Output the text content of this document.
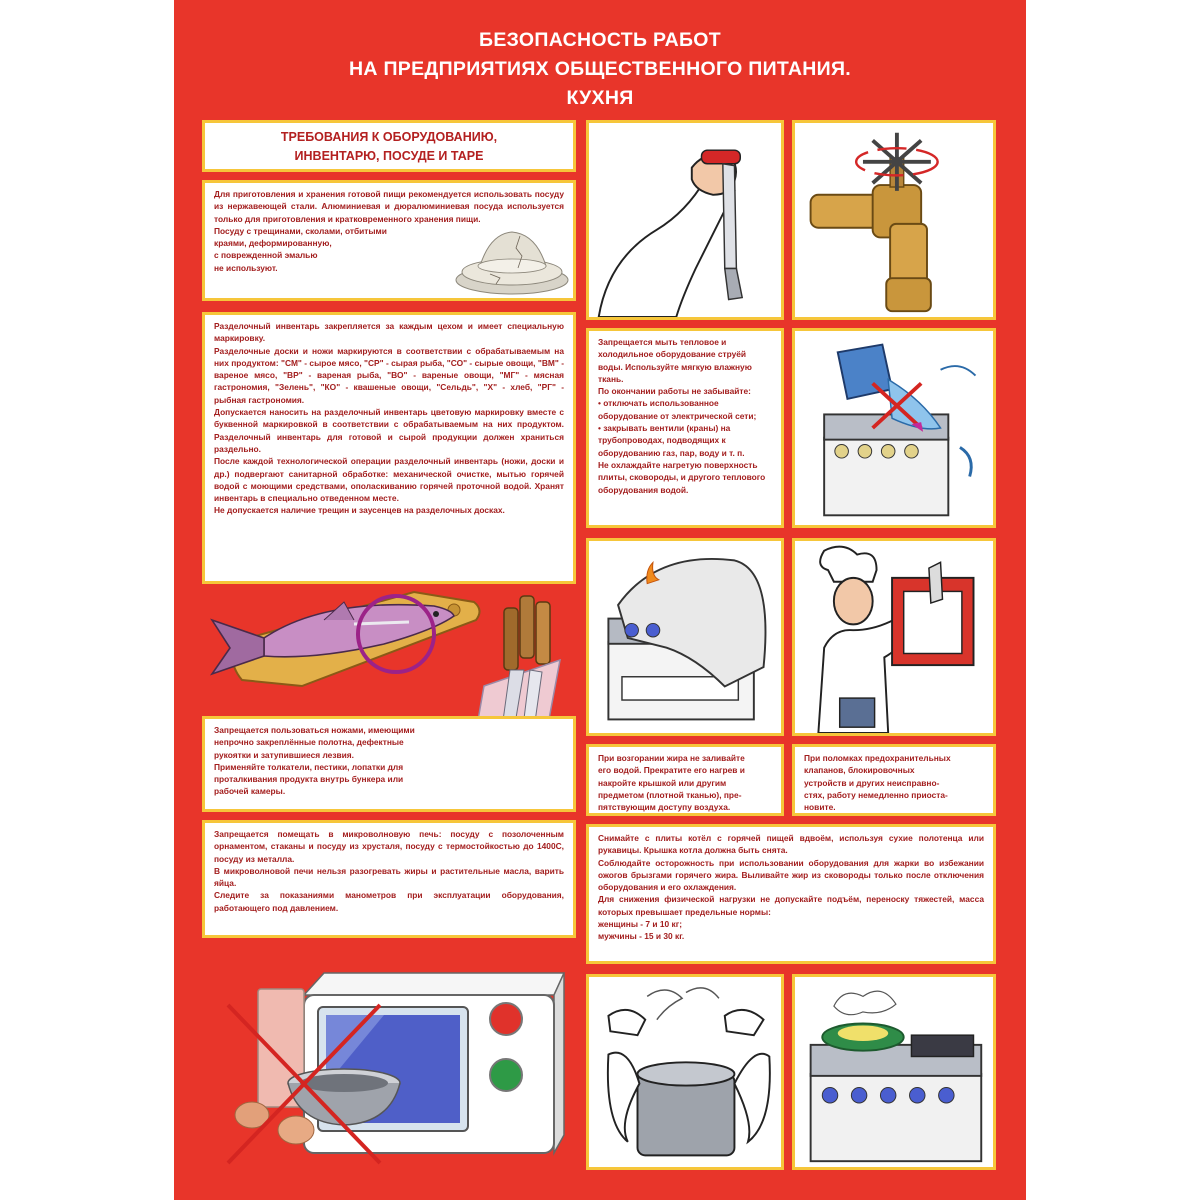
БЕЗОПАСНОСТЬ РАБОТ
НА ПРЕДПРИЯТИЯХ ОБЩЕСТВЕННОГО ПИТАНИЯ.
КУХНЯ
ТРЕБОВАНИЯ К ОБОРУДОВАНИЮ,
ИНВЕНТАРЮ, ПОСУДЕ И ТАРЕ

Для приготовления и хранения готовой пищи рекомендуется использовать посуду из нержавеющей стали. Алюминиевая и дюралюминиевая посуда используется только для приготовления и кратковременного хранения пищи.

Посуду с трещинами, сколами, отбитыми

краями, деформированную,

с поврежденной эмалью

не используют.

Разделочный инвентарь закрепляется за каждым цехом и имеет специальную маркировку.

Разделочные доски и ножи маркируются в соответствии с обрабатываемым на них продуктом: "СМ" - сырое мясо, "СР" - сырая рыба, "СО" - сырые овощи, "ВМ" - вареное мясо, "ВР" - вареная рыба, "ВО" - вареные овощи, "МГ" - мясная гастрономия, "Зелень", "КО" - квашеные овощи, "Сельдь", "Х" - хлеб, "РГ" - рыбная гастрономия.

Допускается наносить на разделочный инвентарь цветовую маркировку вместе с буквенной маркировкой в соответствии с обрабатываемым на них продуктом. Разделочный инвентарь для готовой и сырой продукции должен храниться раздельно.

После каждой технологической операции разделочный инвентарь (ножи, доски и др.) подвергают санитарной обработке: механической очистке, мытью горячей водой с моющими средствами, ополаскиванию горячей проточной водой. Хранят инвентарь в специально отведенном месте.

Не допускается наличие трещин и заусенцев на разделочных досках.

Запрещается пользоваться ножами, имеющими

непрочно закреплённые полотна, дефектные

рукоятки и затупившиеся лезвия.

Применяйте толкатели, пестики, лопатки для

проталкивания продукта внутрь бункера или

рабочей камеры.

Запрещается помещать в микроволновую печь: посуду с позолоченным орнаментом, стаканы и посуду из хрусталя, посуду с термостойкостью до 1400С, посуду из металла.

В микроволновой печи нельзя разогревать жиры и растительные масла, варить яйца.

Следите за показаниями манометров при эксплуатации оборудования, работающего под давлением.

Запрещается мыть тепловое и холодильное оборудование струёй воды. Используйте мягкую влажную ткань.

По окончании работы не забывайте:

• отключать использованное оборудование от электрической сети;

• закрывать вентили (краны) на трубопроводах, подводящих к оборудованию газ, пар, воду и т. п.

Не охлаждайте нагретую поверхность плиты, сковороды, и другого теплового оборудования водой.

При возгорании жира не заливайте

его водой. Прекратите его нагрев и

накройте крышкой или другим

предметом (плотной тканью), пре-

пятствующим доступу воздуха.

При поломках предохранительных

клапанов, блокировочных

устройств и других неисправно-

стях, работу немедленно приоста-

новите.

Снимайте с плиты котёл с горячей пищей вдвоём, используя сухие полотенца или рукавицы. Крышка котла должна быть снята.

Соблюдайте осторожность при использовании оборудования для жарки во избежании ожогов брызгами горячего жира. Выливайте жир из сковороды только после отключения оборудования и его охлаждения.

Для снижения физической нагрузки не допускайте подъём, переноску тяжестей, масса которых превышает предельные нормы:

женщины - 7 и 10 кг;

мужчины - 15 и 30 кг.
